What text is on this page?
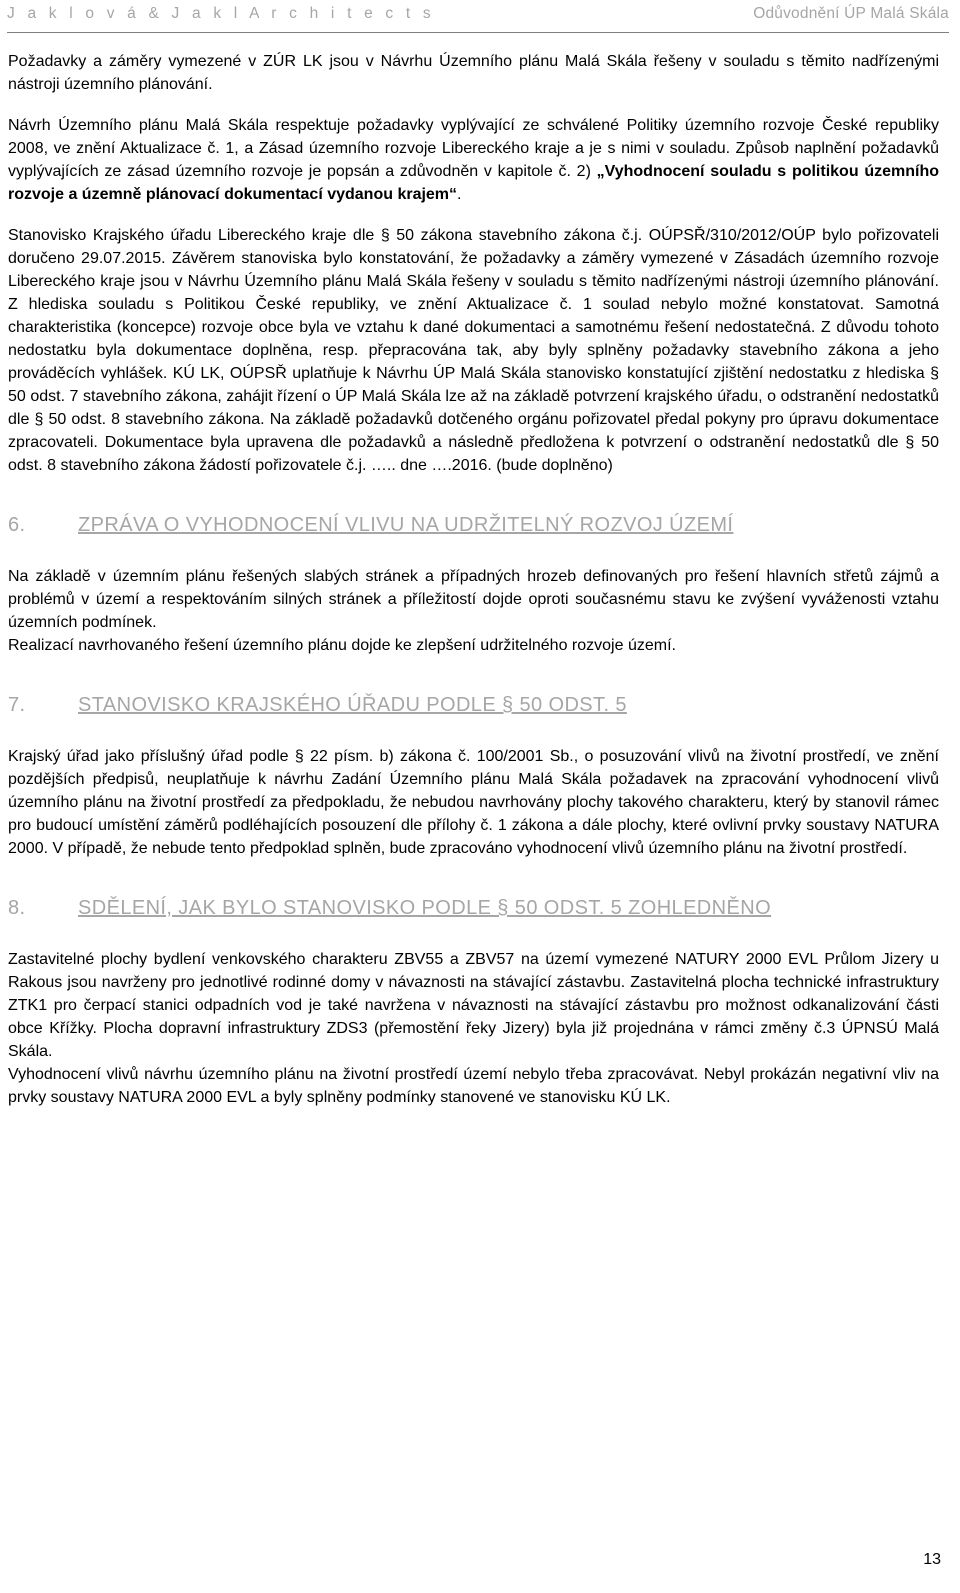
J a k l o v á & J a k l A r c h i t e c t s	Odůvodnění ÚP Malá Skála

Požadavky a záměry vymezené v ZÚR LK jsou v Návrhu Územního plánu Malá Skála řešeny v souladu s těmito nadřízenými nástroji územního plánování.

Návrh Územního plánu Malá Skála respektuje požadavky vyplývající ze schválené Politiky územního rozvoje České republiky 2008, ve znění Aktualizace č. 1, a Zásad územního rozvoje Libereckého kraje a je s nimi v souladu. Způsob naplnění požadavků vyplývajících ze zásad územního rozvoje je popsán a zdůvodněn v kapitole č. 2) „Vyhodnocení souladu s politikou územního rozvoje a územně plánovací dokumentací vydanou krajem“.

Stanovisko Krajského úřadu Libereckého kraje dle § 50 zákona stavebního zákona č.j. OÚPSŘ/310/2012/OÚP bylo pořizovateli doručeno 29.07.2015. Závěrem stanoviska bylo konstatování, že požadavky a záměry vymezené v Zásadách územního rozvoje Libereckého kraje jsou v Návrhu Územního plánu Malá Skála řešeny v souladu s těmito nadřízenými nástroji územního plánování. Z hlediska souladu s Politikou České republiky, ve znění Aktualizace č. 1 soulad nebylo možné konstatovat. Samotná charakteristika (koncepce) rozvoje obce byla ve vztahu k dané dokumentaci a samotnému řešení nedostatečná. Z důvodu tohoto nedostatku byla dokumentace doplněna, resp. přepracována tak, aby byly splněny požadavky stavebního zákona a jeho prováděcích vyhlášek. KÚ LK, OÚPSŘ uplatňuje k Návrhu ÚP Malá Skála stanovisko konstatující zjištění nedostatku z hlediska § 50 odst. 7 stavebního zákona, zahájit řízení o ÚP Malá Skála lze až na základě potvrzení krajského úřadu, o odstranění nedostatků dle § 50 odst. 8 stavebního zákona. Na základě požadavků dotčeného orgánu pořizovatel předal pokyny pro úpravu dokumentace zpracovateli. Dokumentace byla upravena dle požadavků a následně předložena k potvrzení o odstranění nedostatků dle § 50 odst. 8 stavebního zákona žádostí pořizovatele č.j. ….. dne ….2016. (bude doplněno)

6.	ZPRÁVA O VYHODNOCENÍ VLIVU NA UDRŽITELNÝ ROZVOJ ÚZEMÍ

Na základě v územním plánu řešených slabých stránek a případných hrozeb definovaných pro řešení hlavních střetů zájmů a problémů v území a respektováním silných stránek a příležitostí dojde oproti současnému stavu ke zvýšení vyváženosti vztahu územních podmínek.

Realizací navrhovaného řešení územního plánu dojde ke zlepšení udržitelného rozvoje území.

7.	STANOVISKO KRAJSKÉHO ÚŘADU PODLE § 50 ODST. 5

Krajský úřad jako příslušný úřad podle § 22 písm. b) zákona č. 100/2001 Sb., o posuzování vlivů na životní prostředí, ve znění pozdějších předpisů, neuplatňuje k návrhu Zadání Územního plánu Malá Skála požadavek na zpracování vyhodnocení vlivů územního plánu na životní prostředí za předpokladu, že nebudou navrhovány plochy takového charakteru, který by stanovil rámec pro budoucí umístění záměrů podléhajících posouzení dle přílohy č. 1 zákona a dále plochy, které ovlivní prvky soustavy NATURA 2000. V případě, že nebude tento předpoklad splněn, bude zpracováno vyhodnocení vlivů územního plánu na životní prostředí.

8.	SDĚLENÍ, JAK BYLO STANOVISKO PODLE § 50 ODST. 5 ZOHLEDNĚNO

Zastavitelné plochy bydlení venkovského charakteru ZBV55 a ZBV57 na území vymezené NATURY 2000 EVL Průlom Jizery u Rakous jsou navrženy pro jednotlivé rodinné domy v návaznosti na stávající zástavbu. Zastavitelná plocha technické infrastruktury ZTK1 pro čerpací stanici odpadních vod je také navržena v návaznosti na stávající zástavbu pro možnost odkanalizování části obce Křížky. Plocha dopravní infrastruktury ZDS3 (přemostění řeky Jizery) byla již projednána v rámci změny č.3 ÚPNSÚ Malá Skála.

Vyhodnocení vlivů návrhu územního plánu na životní prostředí území nebylo třeba zpracovávat. Nebyl prokázán negativní vliv na prvky soustavy NATURA 2000 EVL a byly splněny podmínky stanovené ve stanovisku KÚ LK.

13
